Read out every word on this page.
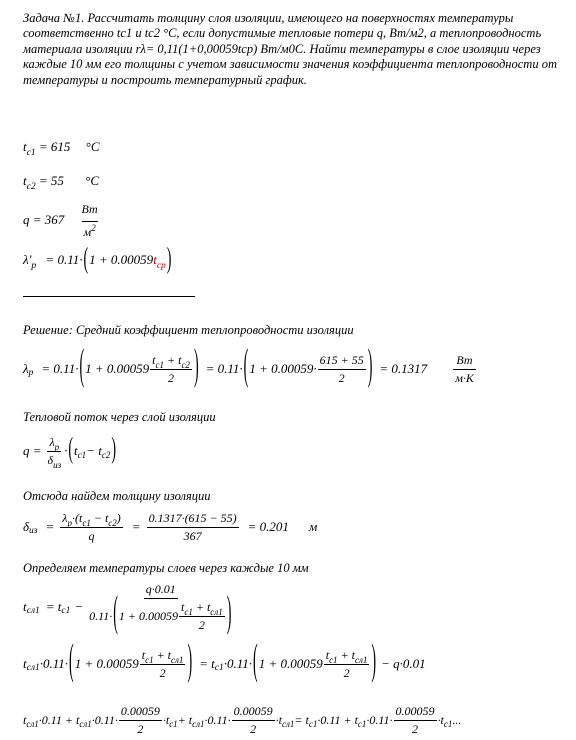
Задача №1. Рассчитать толщину слоя изоляции, имеющего на поверхностях температуры соответственно tc1 и tc2 °C, если допустимые тепловые потери q, Вт/м2, а теплопроводность материала изоляции rλ= 0,11(1+0,00059tср) Вт/м0С. Найти температуры в слое изоляции через каждые 10 мм его толщины с учетом зависимости значения коэффициента теплопроводности от температуры и построить температурный график.
$t_{c1} = 615$ °C
$t_{c2} = 55$ °C
$q = 367 \frac{Вт}{м^2}$
$\lambda'_р = 0.11\cdot(1 + 0.00059t_{ср})$
Решение: Средний коэффициент теплопроводности изоляции
λ р = 0.11· ( $1 + 0.00059 \frac{t_{c1} + t_{c2}}{2}$ ) = 0.11· ( $1 + 0.00059\cdot \frac{615 + 55}{2}$ ) = $0.1317 \frac{Вт}{м\cdot К}$
Тепловой поток через слой изоляции
$q = \frac{\lambda_р}{\delta_{из}}$ · ( t c1 − t c2 )
Отсюда найдем толщину изоляции
δ из = $\frac{\lambda_р\cdot(t_{c1} - t_{c2})}{q} = \frac{0.1317\cdot(615 - 55)}{367} = 0.201$ м
Определяем температуры слоев через каждые 10 мм
t сл1 = t $c1 - \frac{q\cdot 0.01}{0.11\cdot ( 1 + 0.00059 \frac{t_{c1} + t_{сл1}}{2} )}$
t сл1 ·0.11· ( $1 + 0.00059 \frac{t_{c1} + t_{сл1}}{2}$ ) = t c1 ·0.11· ( $1 + 0.00059 \frac{t_{c1} + t_{сл1}}{2}$ ) − q·0.01
t сл1 ·0.11 + t $сл1 \cdot 0.11\cdot \frac{0.00059}{2} \cdot t$ c1 + t $сл1 \cdot 0.11\cdot \frac{0.00059}{2} \cdot t$ сл1 = t c1 ·0.11 + t $c1 \cdot 0.11\cdot \frac{0.00059}{2} \cdot t$ c1 ...
